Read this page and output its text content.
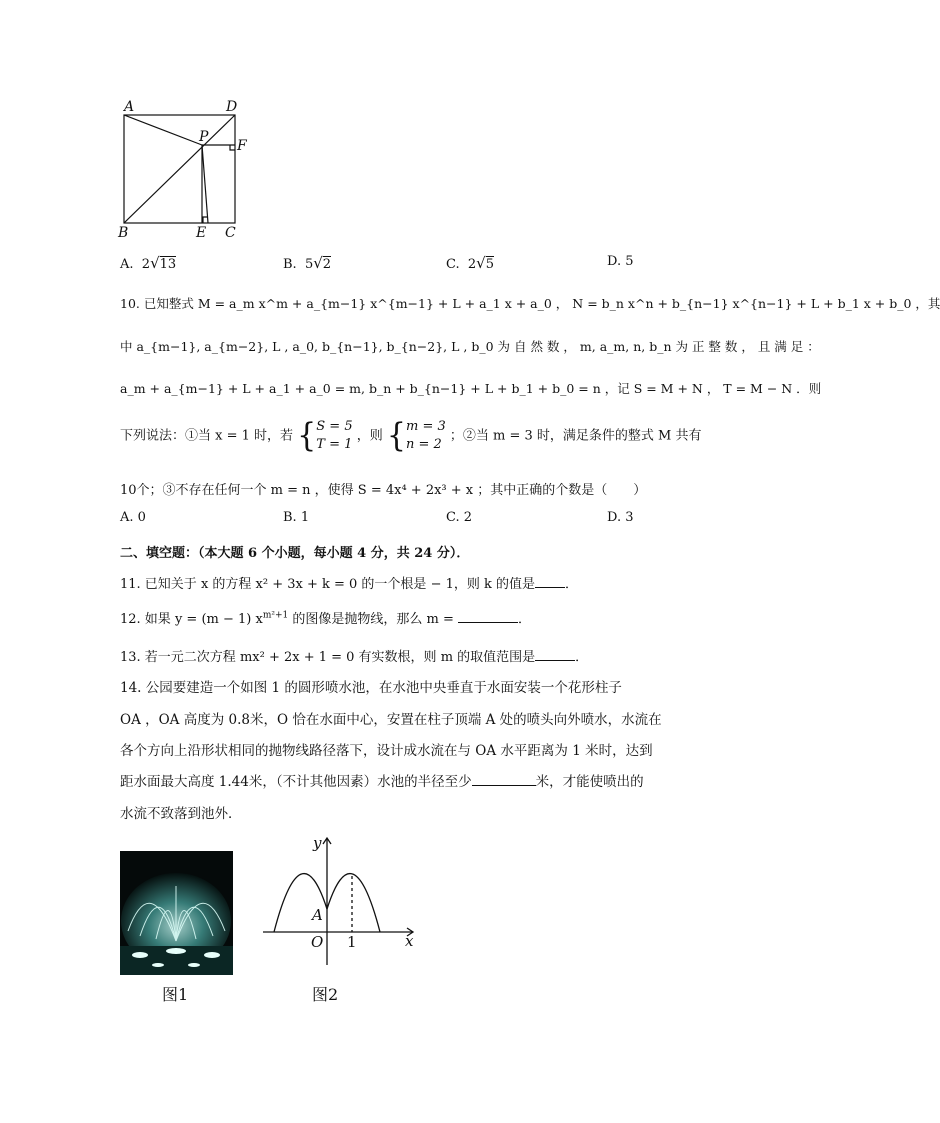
A	D
P
F
B	E C
A. 2√13	B. 5√2	C. 2√5	D. 5
10. 已知整式 M = a_m x^m + a_{m−1} x^{m−1} + L + a_1 x + a_0 ， N = b_n x^n + b_{n−1} x^{n−1} + L + b_1 x + b_0 ，其
中 a_{m−1}, a_{m−2}, L , a_0, b_{n−1}, b_{n−2}, L , b_0 为 自 然 数 ， m, a_m, n, b_n 为 正 整 数 ， 且 满 足 ：
a_m + a_{m−1} + L + a_1 + a_0 = m, b_n + b_{n−1} + L + b_1 + b_0 = n ，记 S = M + N ， T = M − N ．则
下列说法：①当 x = 1 时，若 {S = 5
T = 1 ，则 {m = 3
n = 2 ；②当 m = 3 时，满足条件的整式 M 共有
10个；③不存在任何一个 m = n ，使得 S = 4x⁴ + 2x³ + x ；其中正确的个数是（　　）
A. 0	B. 1	C. 2	D. 3
二、填空题：（本大题 6 个小题，每小题 4 分，共 24 分）．
11. 已知关于 x 的方程 x² + 3x + k = 0 的一个根是 − 1，则 k 的值是 ．
12. 如果 y = (m − 1) $x^{m^2+1}$ 的图像是抛物线，那么 m =	．
13. 若一元二次方程 mx² + 2x + 1 = 0 有实数根，则 m 的取值范围是	．
14. 公园要建造一个如图 1 的圆形喷水池，在水池中央垂直于水面安装一个花形柱子
OA ，OA 高度为 0.8米，O 恰在水面中心，安置在柱子顶端 A 处的喷头向外喷水，水流在
各个方向上沿形状相同的抛物线路径落下，设计成水流在与 OA 水平距离为 1 米时，达到
距水面最大高度 1.44米，（不计其他因素）水池的半径至少	米，才能使喷出的
水流不致落到池外．
图1
y
x
A
O 1
图2
